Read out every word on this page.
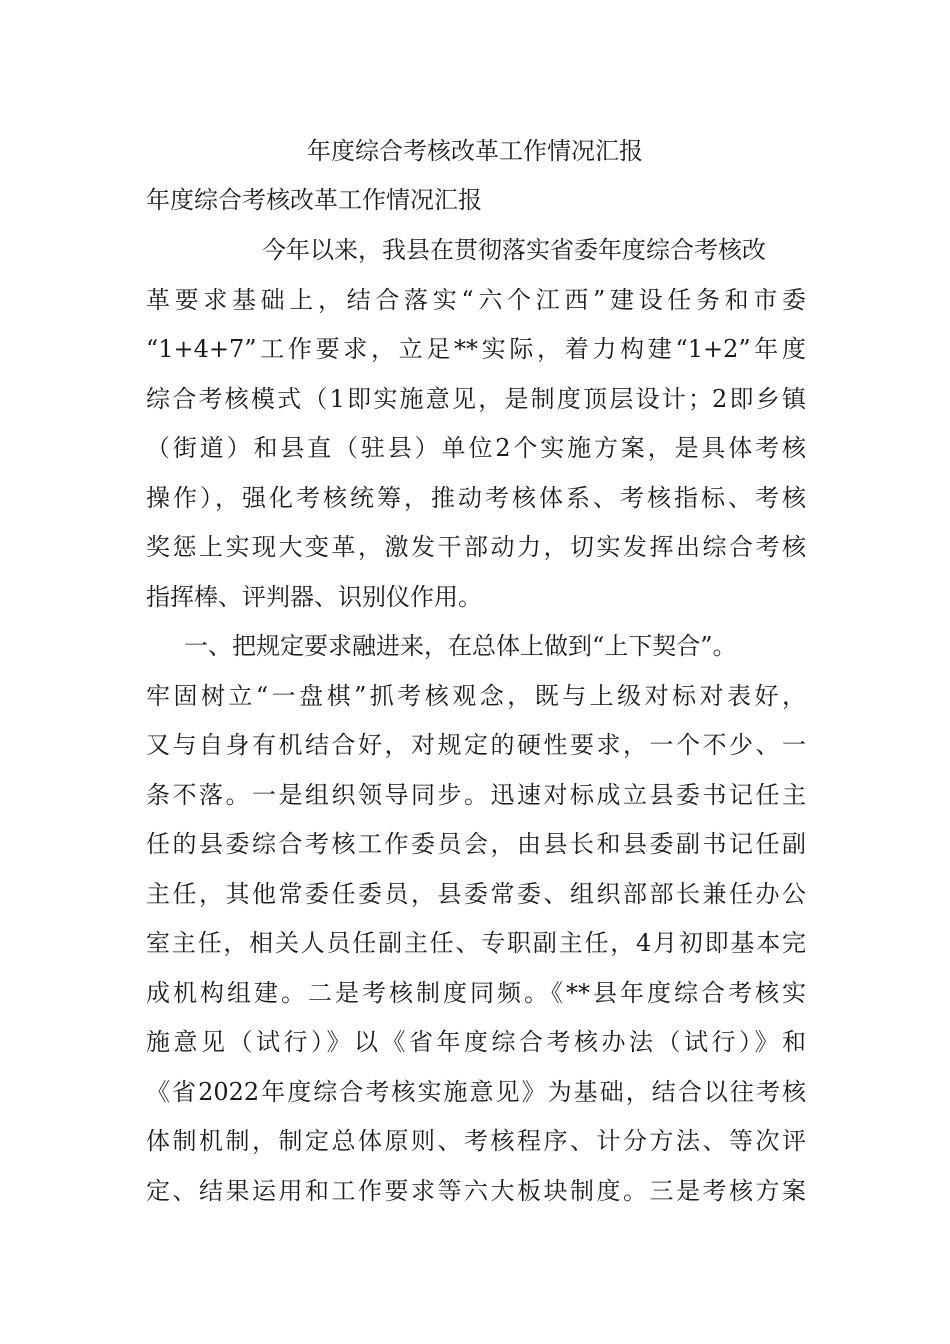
年度综合考核改革工作情况汇报
年度综合考核改革工作情况汇报
今年以来，我县在贯彻落实省委年度综合考核改
革要求基础上，结合落实“六个江西”建设任务和市委
“1+4+7”工作要求，立足**实际，着力构建“1+2”年度
综合考核模式（1即实施意见，是制度顶层设计；2即乡镇
（街道）和县直（驻县）单位2个实施方案，是具体考核
操作），强化考核统筹，推动考核体系、考核指标、考核
奖惩上实现大变革，激发干部动力，切实发挥出综合考核
指挥棒、评判器、识别仪作用。
一、把规定要求融进来，在总体上做到“上下契合”。
牢固树立“一盘棋”抓考核观念，既与上级对标对表好，
又与自身有机结合好，对规定的硬性要求，一个不少、一
条不落。一是组织领导同步。迅速对标成立县委书记任主
任的县委综合考核工作委员会，由县长和县委副书记任副
主任，其他常委任委员，县委常委、组织部部长兼任办公
室主任，相关人员任副主任、专职副主任，4月初即基本完
成机构组建。二是考核制度同频。《**县年度综合考核实
施意见（试行）》以《省年度综合考核办法（试行）》和
《省2022年度综合考核实施意见》为基础，结合以往考核
体制机制，制定总体原则、考核程序、计分方法、等次评
定、结果运用和工作要求等六大板块制度。三是考核方案
